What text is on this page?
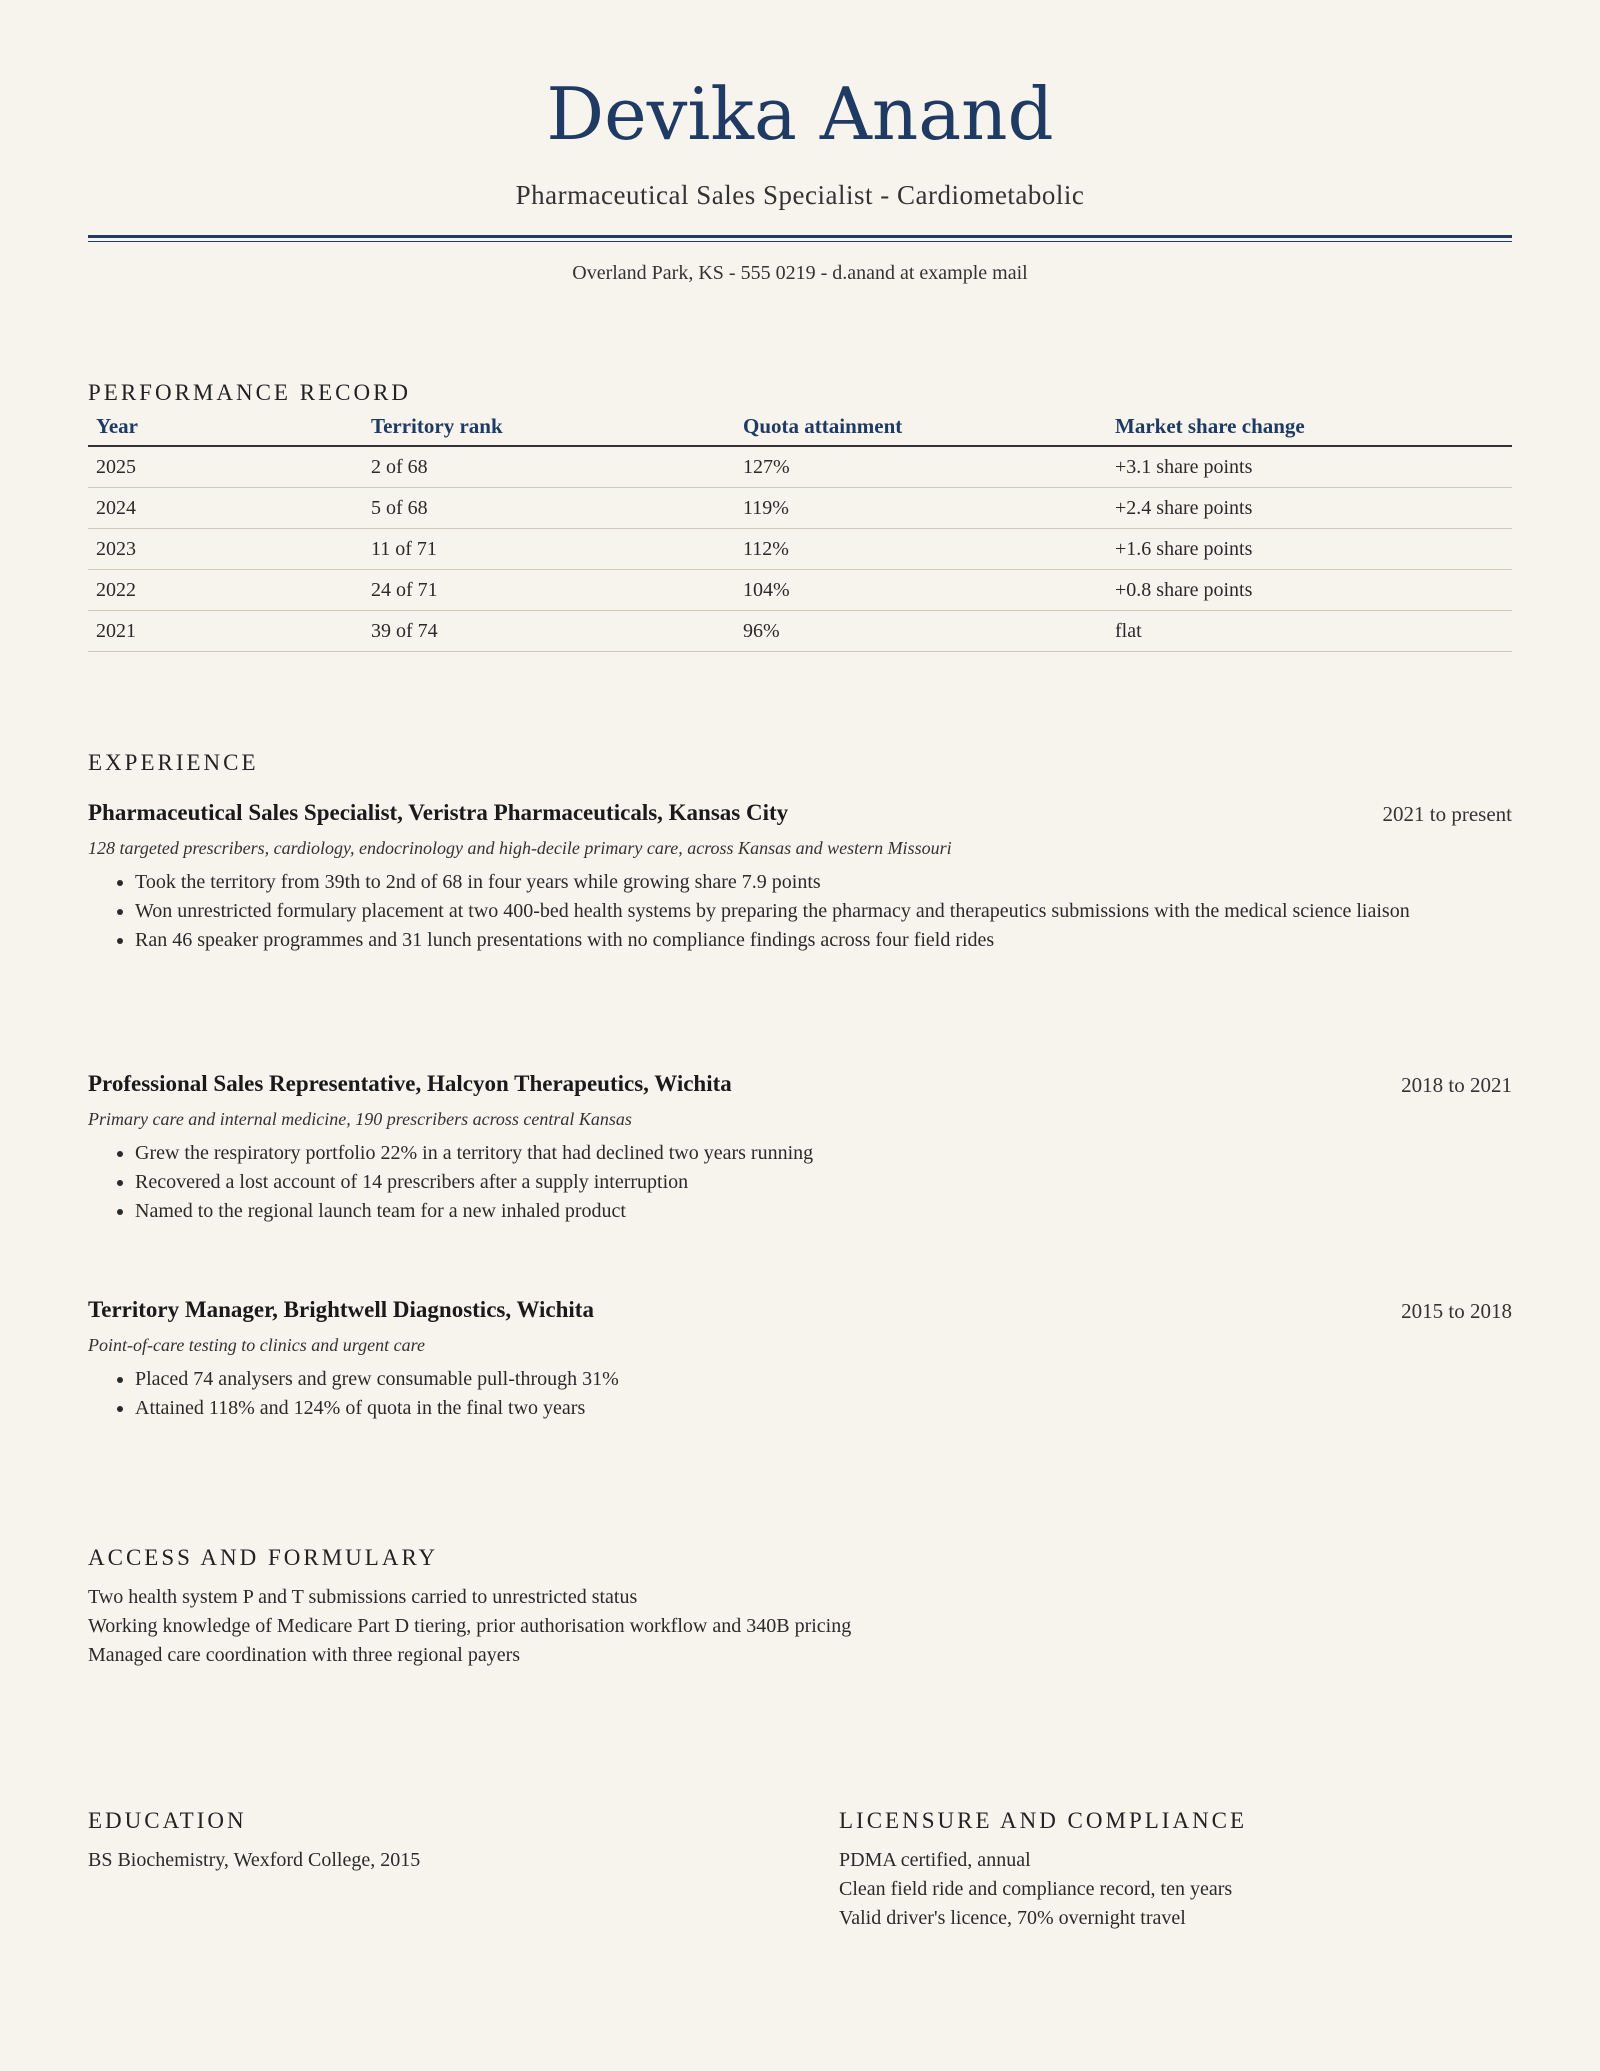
Devika Anand
Pharmaceutical Sales Specialist - Cardiometabolic
Overland Park, KS - 555 0219 - d.anand at example mail
PERFORMANCE RECORD
Year	Territory rank	Quota attainment	Market share change
2025	2 of 68	127%	+3.1 share points
2024	5 of 68	119%	+2.4 share points
2023	11 of 71	112%	+1.6 share points
2022	24 of 71	104%	+0.8 share points
2021	39 of 74	96%	flat
EXPERIENCE
Pharmaceutical Sales Specialist, Veristra Pharmaceuticals, Kansas City	2021 to present
128 targeted prescribers, cardiology, endocrinology and high-decile primary care, across Kansas and western Missouri
• Took the territory from 39th to 2nd of 68 in four years while growing share 7.9 points
• Won unrestricted formulary placement at two 400-bed health systems by preparing the pharmacy and therapeutics submissions with the medical science liaison
• Ran 46 speaker programmes and 31 lunch presentations with no compliance findings across four field rides
Professional Sales Representative, Halcyon Therapeutics, Wichita	2018 to 2021
Primary care and internal medicine, 190 prescribers across central Kansas
• Grew the respiratory portfolio 22% in a territory that had declined two years running
• Recovered a lost account of 14 prescribers after a supply interruption
• Named to the regional launch team for a new inhaled product
Territory Manager, Brightwell Diagnostics, Wichita	2015 to 2018
Point-of-care testing to clinics and urgent care
• Placed 74 analysers and grew consumable pull-through 31%
• Attained 118% and 124% of quota in the final two years
ACCESS AND FORMULARY
Two health system P and T submissions carried to unrestricted status
Working knowledge of Medicare Part D tiering, prior authorisation workflow and 340B pricing
Managed care coordination with three regional payers
EDUCATION
BS Biochemistry, Wexford College, 2015
LICENSURE AND COMPLIANCE
PDMA certified, annual
Clean field ride and compliance record, ten years
Valid driver's licence, 70% overnight travel
